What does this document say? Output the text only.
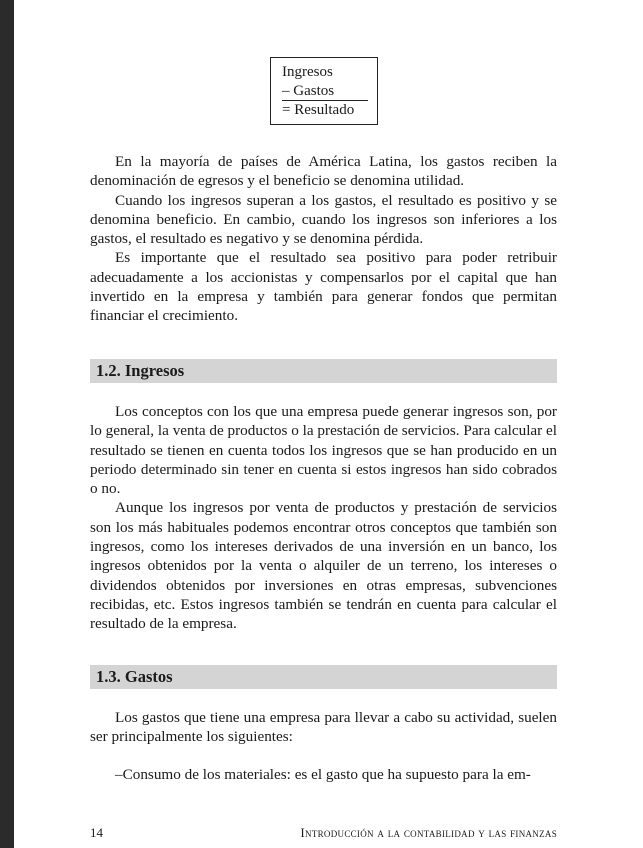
Ingresos
– Gastos
= Resultado

En la mayoría de países de América Latina, los gastos reciben la denominación de egresos y el beneficio se denomina utilidad.

Cuando los ingresos superan a los gastos, el resultado es positivo y se denomina beneficio. En cambio, cuando los ingresos son inferiores a los gastos, el resultado es negativo y se denomina pérdida.

Es importante que el resultado sea positivo para poder retribuir adecuadamente a los accionistas y compensarlos por el capital que han invertido en la empresa y también para generar fondos que permitan financiar el crecimiento.

1.2. Ingresos

Los conceptos con los que una empresa puede generar ingresos son, por lo general, la venta de productos o la prestación de servicios. Para calcular el resultado se tienen en cuenta todos los ingresos que se han producido en un periodo determinado sin tener en cuenta si estos ingresos han sido cobrados o no.

Aunque los ingresos por venta de productos y prestación de servicios son los más habituales podemos encontrar otros conceptos que también son ingresos, como los intereses derivados de una inversión en un banco, los ingresos obtenidos por la venta o alquiler de un terreno, los intereses o dividendos obtenidos por inversiones en otras empresas, subvenciones recibidas, etc. Estos ingresos también se tendrán en cuenta para calcular el resultado de la empresa.

1.3. Gastos

Los gastos que tiene una empresa para llevar a cabo su actividad, suelen ser principalmente los siguientes:

–Consumo de los materiales: es el gasto que ha supuesto para la em-
14	Introducción a la contabilidad y las finanzas
